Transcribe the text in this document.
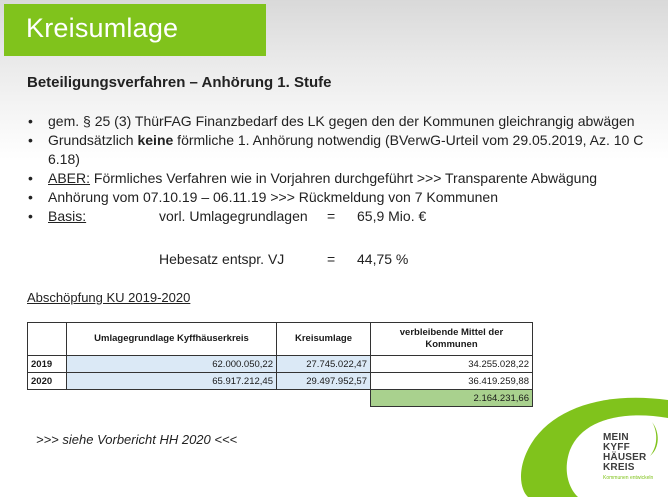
Kreisumlage
Beteiligungsverfahren – Anhörung 1. Stufe
• gem. § 25 (3) ThürFAG Finanzbedarf des LK gegen den der Kommunen gleichrangig abwägen
• Grundsätzlich keine förmliche 1. Anhörung notwendig (BVerwG-Urteil vom 29.05.2019, Az. 10 C 6.18)
• ABER: Förmliches Verfahren wie in Vorjahren durchgeführt >>> Transparente Abwägung
• Anhörung vom 07.10.19 – 06.11.19 >>> Rückmeldung von 7 Kommunen
• Basis:	vorl. Umlagegrundlagen = 65,9 Mio. €
Hebesatz entspr. VJ	= 44,75 %
Abschöpfung KU 2019-2020
	Umlagegrundlage Kyffhäuserkreis	Kreisumlage	verbleibende Mittel der Kommunen
2019	62.000.050,22	27.745.022,47	34.255.028,22
2020	65.917.212,45	29.497.952,57	36.419.259,88
			2.164.231,66
>>> siehe Vorbericht HH 2020 <<<	MEIN
KYFF
HÄUSER
KREIS
Kommunen entwickeln
